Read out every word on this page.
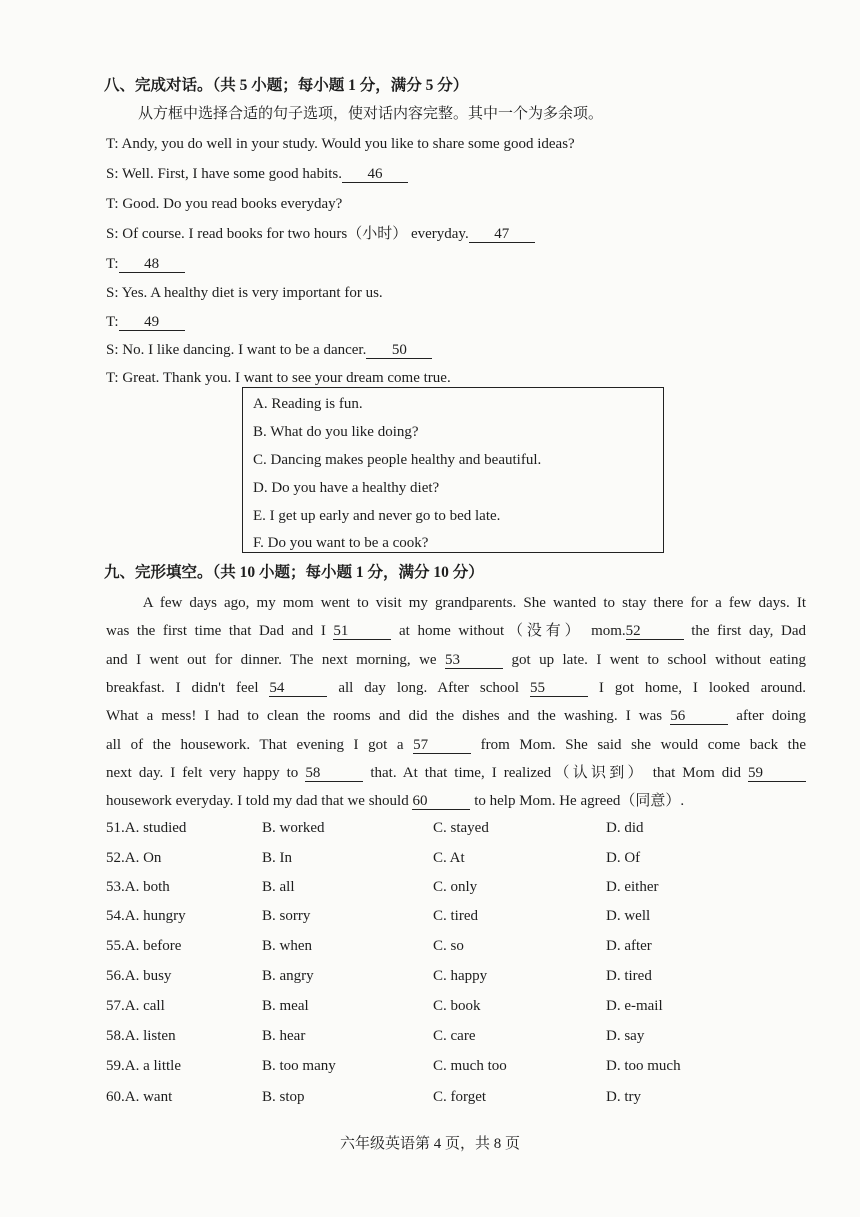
八、完成对话。（共 5 小题；每小题 1 分，满分 5 分）
从方框中选择合适的句子选项，使对话内容完整。其中一个为多余项。
T: Andy, you do well in your study. Would you like to share some good ideas?
S: Well. First, I have some good habits. 46
T: Good. Do you read books everyday?
S: Of course. I read books for two hours（小时） everyday. 47
T: 48
S: Yes. A healthy diet is very important for us.
T: 49
S: No. I like dancing. I want to be a dancer. 50
T: Great. Thank you. I want to see your dream come true.
A. Reading is fun.
B. What do you like doing?
C. Dancing makes people healthy and beautiful.
D. Do you have a healthy diet?
E. I get up early and never go to bed late.
F. Do you want to be a cook?
九、完形填空。（共 10 小题；每小题 1 分，满分 10 分）
　　A few days ago, my mom went to visit my grandparents. She wanted to stay there for a few days. It
was the first time that Dad and I 51	at home without（没有） mom.52	the first day, Dad
and I went out for dinner. The next morning, we 53	got up late. I went to school without eating
breakfast. I didn't feel 54	all day long. After school 55	I got home, I looked around.
What a mess! I had to clean the rooms and did the dishes and the washing. I was 56	after doing
all of the housework. That evening I got a 57	from Mom. She said she would come back the
next day. I felt very happy to 58	that. At that time, I realized（认识到） that Mom did 59
housework everyday. I told my dad that we should 60	to help Mom. He agreed（同意）.
51.A. studied	B. worked	C. stayed	D. did
52.A. On	B. In	C. At	D. Of
53.A. both	B. all	C. only	D. either
54.A. hungry	B. sorry	C. tired	D. well
55.A. before	B. when	C. so	D. after
56.A. busy	B. angry	C. happy	D. tired
57.A. call	B. meal	C. book	D. e-mail
58.A. listen	B. hear	C. care	D. say
59.A. a little	B. too many	C. much too	D. too much
60.A. want	B. stop	C. forget	D. try
六年级英语第 4 页，共 8 页
